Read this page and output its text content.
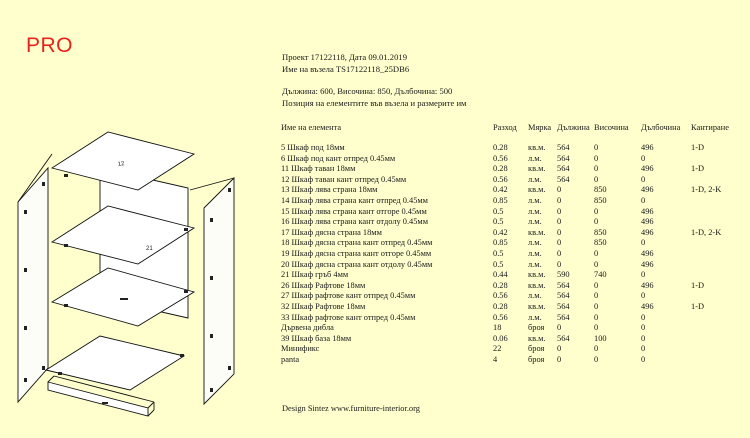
PRO
12
21
Проект 17122118, Дата 09.01.2019
Име на възела TS17122118_25DB6
Дължина: 600, Височина: 850, Дълбочина: 500
Позиция на елементите във възела и размерите им
Име на елемента	Разход	Мярка	Дължина	Височина	Дълбочина	Кантиране

5 Шкаф под 18мм	0.28	кв.м.	564	0	496	1-D
6 Шкаф под кант отпред 0.45мм	0.56	л.м.	564	0	0	
11 Шкаф таван 18мм	0.28	кв.м.	564	0	496	1-D
12 Шкаф таван кант отпред 0.45мм	0.56	л.м.	564	0	0	
13 Шкаф лява страна 18мм	0.42	кв.м.	0	850	496	1-D, 2-K
14 Шкаф лява страна кант отпред 0.45мм	0.85	л.м.	0	850	0	
15 Шкаф лява страна кант отгоре 0.45мм	0.5	л.м.	0	0	496	
16 Шкаф лява страна кант отдолу 0.45мм	0.5	л.м.	0	0	496	
17 Шкаф дясна страна 18мм	0.42	кв.м.	0	850	496	1-D, 2-K
18 Шкаф дясна страна кант отпред 0.45мм	0.85	л.м.	0	850	0	
19 Шкаф дясна страна кант отгоре 0.45мм	0.5	л.м.	0	0	496	
20 Шкаф дясна страна кант отдолу 0.45мм	0.5	л.м.	0	0	496	
21 Шкаф гръб 4мм	0.44	кв.м.	590	740	0	
26 Шкаф Рафтове 18мм	0.28	кв.м.	564	0	496	1-D
27 Шкаф рафтове кант отпред 0.45мм	0.56	л.м.	564	0	0	
32 Шкаф Рафтове 18мм	0.28	кв.м.	564	0	496	1-D
33 Шкаф рафтове кант отпред 0.45мм	0.56	л.м.	564	0	0	
Дървена дибла	18	броя	0	0	0	
39 Шкаф база 18мм	0.06	кв.м.	564	100	0	
Минификс	22	броя	0	0	0	
panta	4	броя	0	0	0	
Design Sintez www.furniture-interior.org
